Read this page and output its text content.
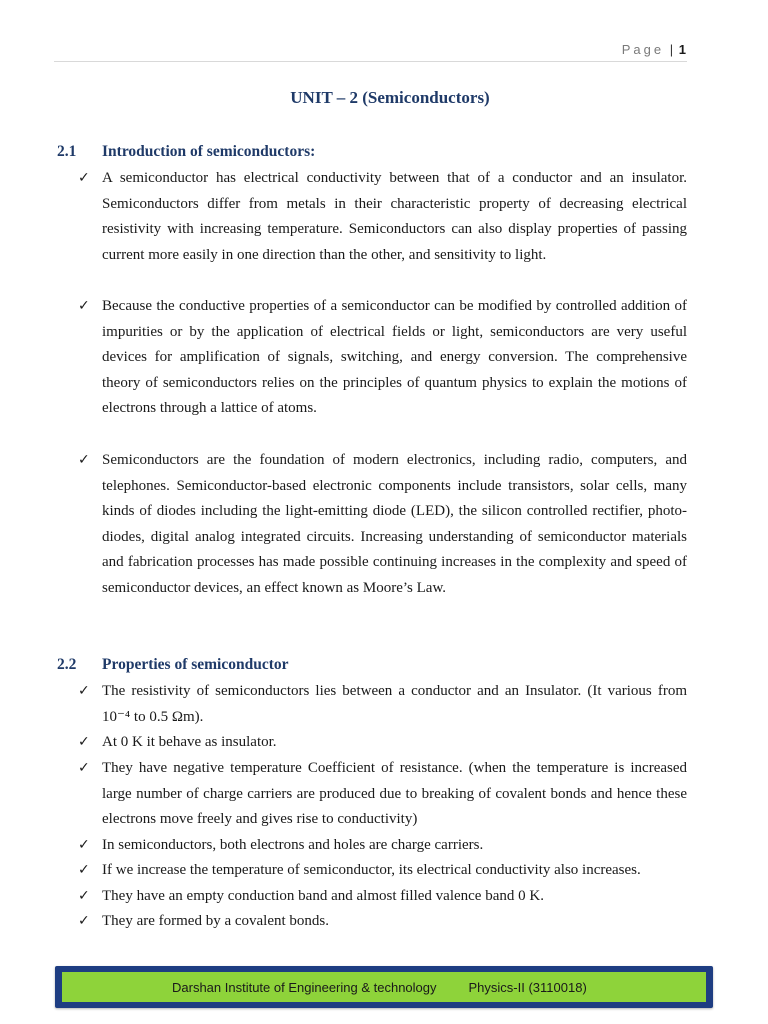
Page | 1
UNIT – 2 (Semiconductors)
2.1 Introduction of semiconductors:
✓ A semiconductor has electrical conductivity between that of a conductor and an insulator. Semiconductors differ from metals in their characteristic property of decreasing electrical resistivity with increasing temperature. Semiconductors can also display properties of passing current more easily in one direction than the other, and sensitivity to light.
✓ Because the conductive properties of a semiconductor can be modified by controlled addition of impurities or by the application of electrical fields or light, semiconductors are very useful devices for amplification of signals, switching, and energy conversion. The comprehensive theory of semiconductors relies on the principles of quantum physics to explain the motions of electrons through a lattice of atoms.
✓ Semiconductors are the foundation of modern electronics, including radio, computers, and telephones. Semiconductor-based electronic components include transistors, solar cells, many kinds of diodes including the light-emitting diode (LED), the silicon controlled rectifier, photo-diodes, digital analog integrated circuits. Increasing understanding of semiconductor materials and fabrication processes has made possible continuing increases in the complexity and speed of semiconductor devices, an effect known as Moore’s Law.
2.2 Properties of semiconductor
✓ The resistivity of semiconductors lies between a conductor and an Insulator. (It various from 10⁻⁴ to 0.5 Ωm).
✓ At 0 K it behave as insulator.
✓ They have negative temperature Coefficient of resistance. (when the temperature is increased large number of charge carriers are produced due to breaking of covalent bonds and hence these electrons move freely and gives rise to conductivity)
✓ In semiconductors, both electrons and holes are charge carriers.
✓ If we increase the temperature of semiconductor, its electrical conductivity also increases.
✓ They have an empty conduction band and almost filled valence band 0 K.
✓ They are formed by a covalent bonds.
Darshan Institute of Engineering & technology Physics-II (3110018)
